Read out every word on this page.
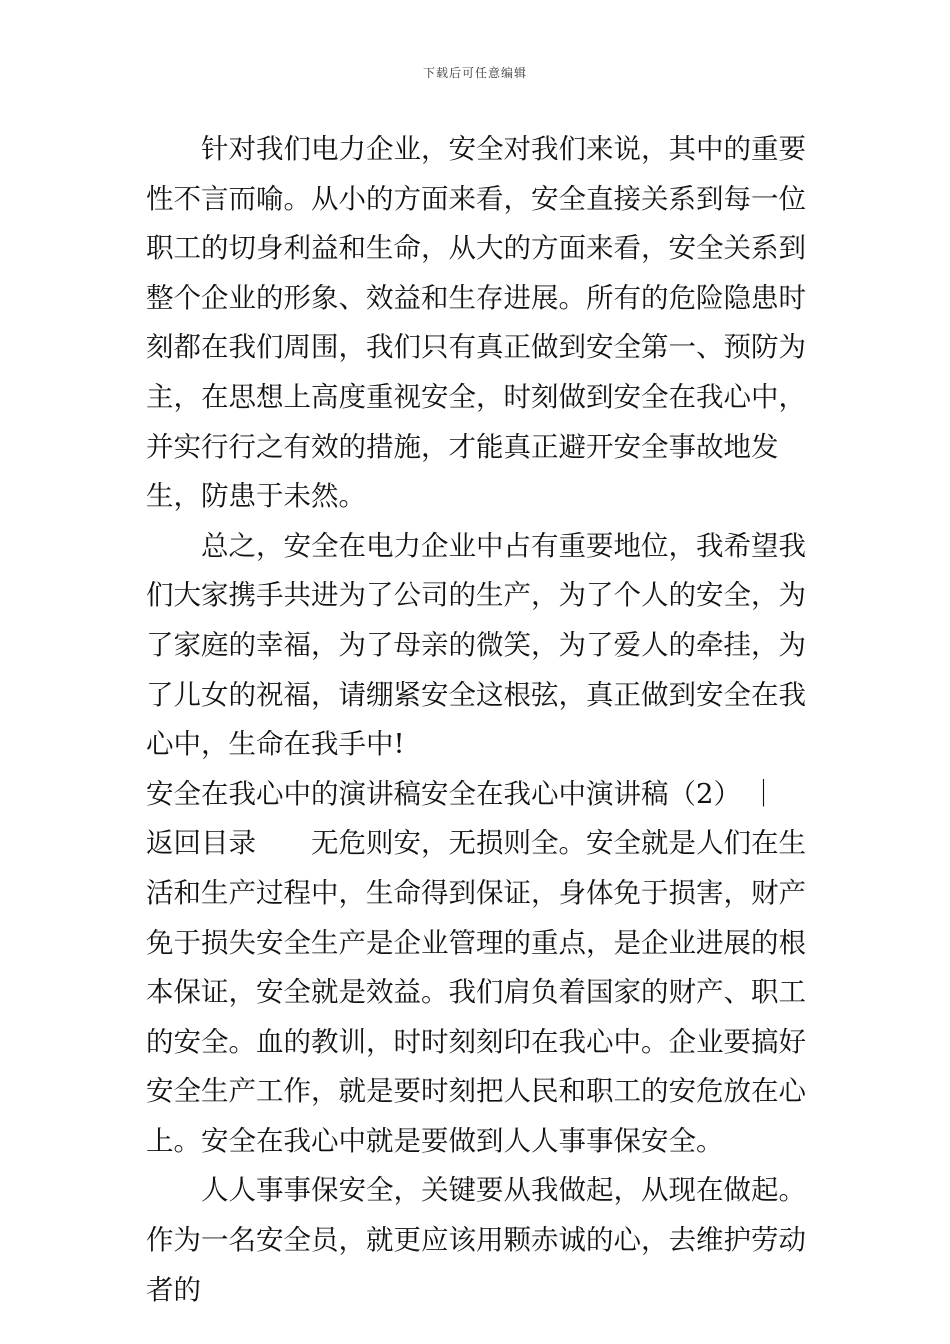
下载后可任意编辑

针对我们电力企业，安全对我们来说，其中的重要性不言而喻。从小的方面来看，安全直接关系到每一位职工的切身利益和生命，从大的方面来看，安全关系到整个企业的形象、效益和生存进展。所有的危险隐患时刻都在我们周围，我们只有真正做到安全第一、预防为主，在思想上高度重视安全，时刻做到安全在我心中，并实行行之有效的措施，才能真正避开安全事故地发生，防患于未然。

总之，安全在电力企业中占有重要地位，我希望我们大家携手共进为了公司的生产，为了个人的安全，为了家庭的幸福，为了母亲的微笑，为了爱人的牵挂，为了儿女的祝福，请绷紧安全这根弦，真正做到安全在我心中，生命在我手中!

安全在我心中的演讲稿安全在我心中演讲稿（2） ｜ 返回目录　　无危则安，无损则全。安全就是人们在生活和生产过程中，生命得到保证，身体免于损害，财产免于损失安全生产是企业管理的重点，是企业进展的根本保证，安全就是效益。我们肩负着国家的财产、职工的安全。血的教训，时时刻刻印在我心中。企业要搞好安全生产工作，就是要时刻把人民和职工的安危放在心上。安全在我心中就是要做到人人事事保安全。

人人事事保安全，关键要从我做起，从现在做起。作为一名安全员，就更应该用颗赤诚的心，去维护劳动者的
